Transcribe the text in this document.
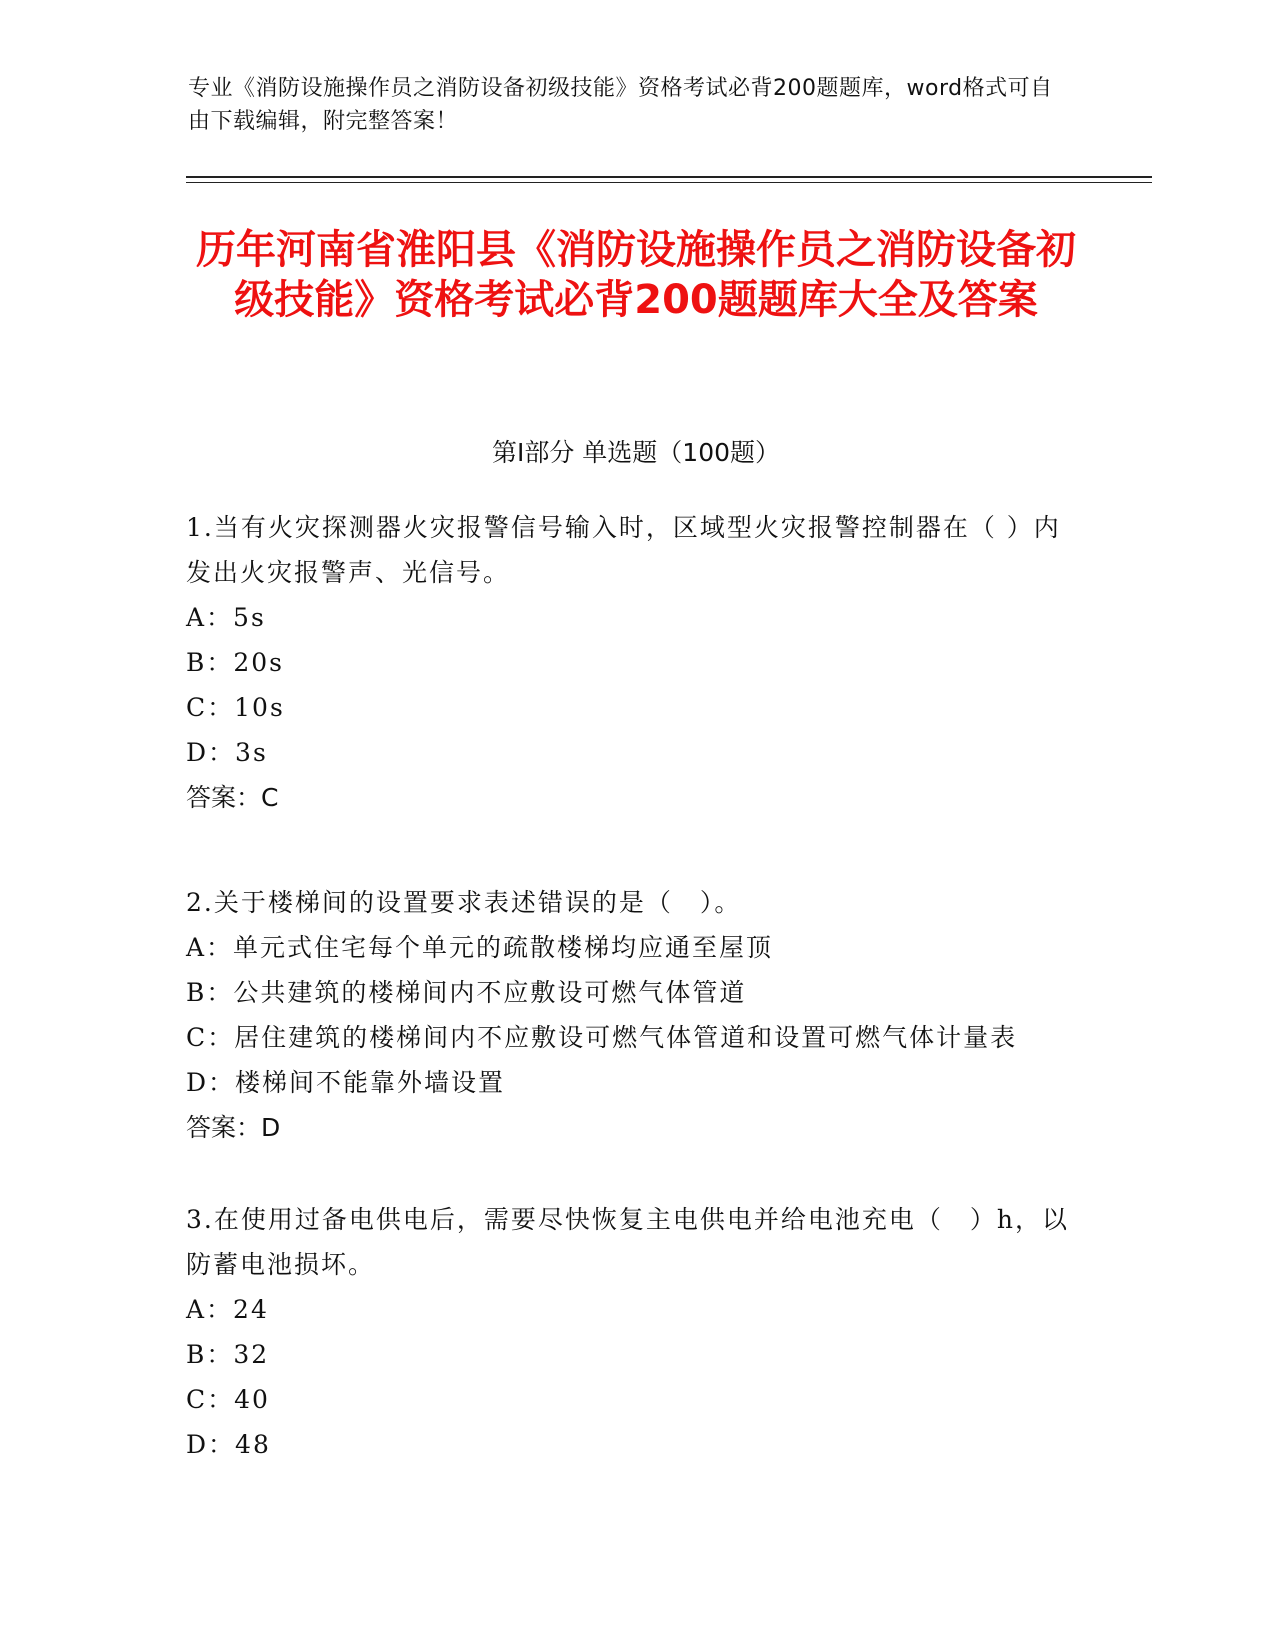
专业《消防设施操作员之消防设备初级技能》资格考试必背200题题库，word格式可自由下载编辑，附完整答案！
历年河南省淮阳县《消防设施操作员之消防设备初级技能》资格考试必背200题题库大全及答案
第I部分 单选题（100题）

1.当有火灾探测器火灾报警信号输入时，区域型火灾报警控制器在（ ）内发出火灾报警声、光信号。

A：5s

B：20s

C：10s

D：3s

答案：C

2.关于楼梯间的设置要求表述错误的是（　）。

A：单元式住宅每个单元的疏散楼梯均应通至屋顶

B：公共建筑的楼梯间内不应敷设可燃气体管道

C：居住建筑的楼梯间内不应敷设可燃气体管道和设置可燃气体计量表

D：楼梯间不能靠外墙设置

答案：D

3.在使用过备电供电后，需要尽快恢复主电供电并给电池充电（　）h，以防蓄电池损坏。

A：24

B：32

C：40

D：48
